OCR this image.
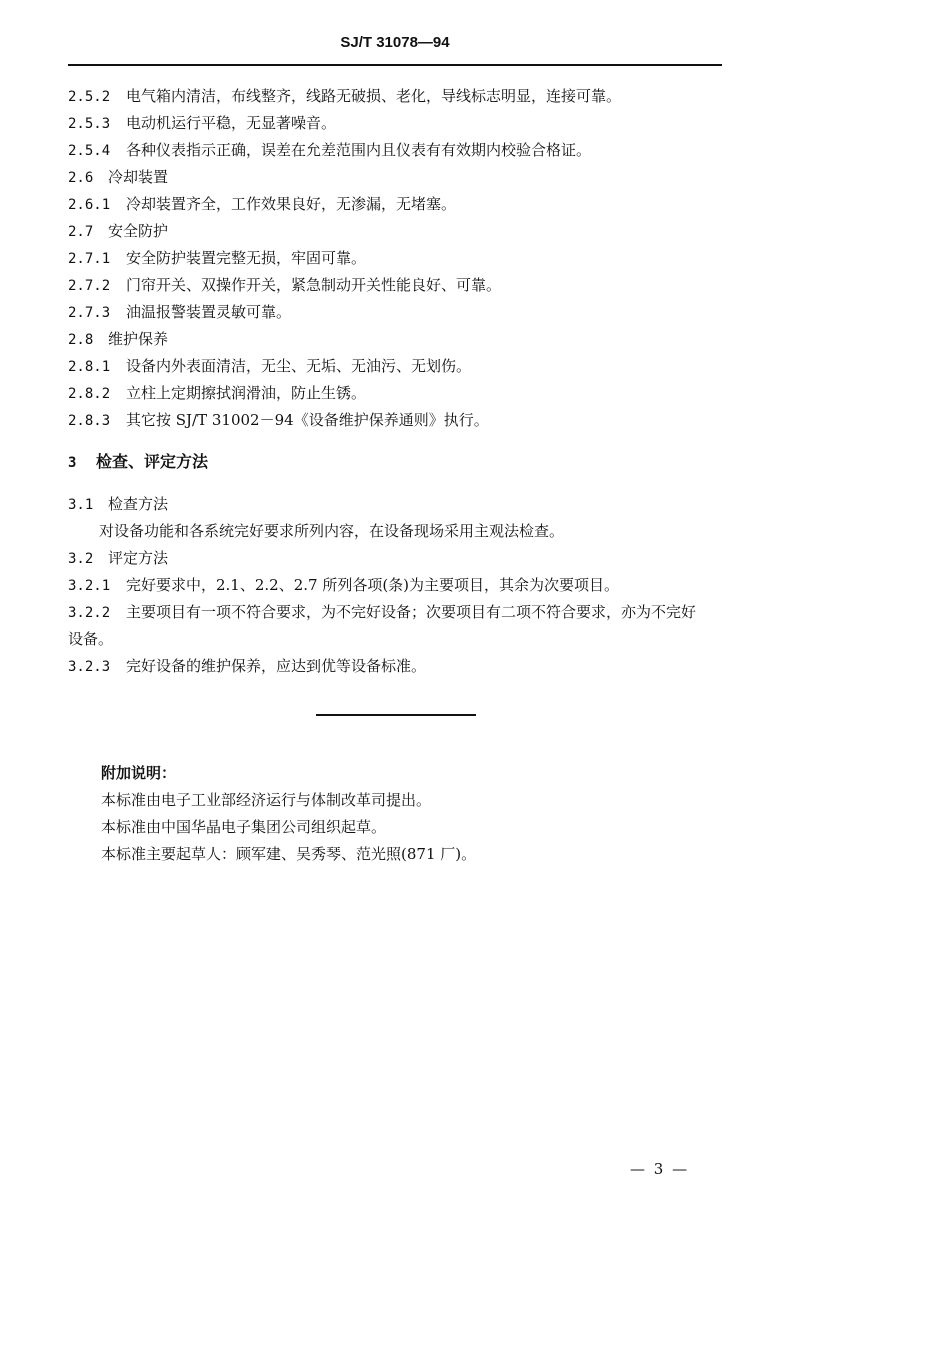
SJ/T 31078—94
2.5.2 电气箱内清洁，布线整齐，线路无破损、老化，导线标志明显，连接可靠。
2.5.3 电动机运行平稳，无显著噪音。
2.5.4 各种仪表指示正确，误差在允差范围内且仪表有有效期内校验合格证。
2.6 冷却装置
2.6.1 冷却装置齐全，工作效果良好，无渗漏，无堵塞。
2.7 安全防护
2.7.1 安全防护装置完整无损，牢固可靠。
2.7.2 门帘开关、双操作开关，紧急制动开关性能良好、可靠。
2.7.3 油温报警装置灵敏可靠。
2.8 维护保养
2.8.1 设备内外表面清洁，无尘、无垢、无油污、无划伤。
2.8.2 立柱上定期擦拭润滑油，防止生锈。
2.8.3 其它按 SJ/T 31002－94《设备维护保养通则》执行。
3 检查、评定方法
3.1 检查方法
对设备功能和各系统完好要求所列内容，在设备现场采用主观法检查。
3.2 评定方法
3.2.1 完好要求中，2.1、2.2、2.7 所列各项(条)为主要项目，其余为次要项目。
3.2.2 主要项目有一项不符合要求，为不完好设备；次要项目有二项不符合要求，亦为不完好
设备。
3.2.3 完好设备的维护保养，应达到优等设备标准。
附加说明：
本标准由电子工业部经济运行与体制改革司提出。
本标准由中国华晶电子集团公司组织起草。
本标准主要起草人：顾军建、吴秀琴、范光照(871 厂)。
— 3 —
